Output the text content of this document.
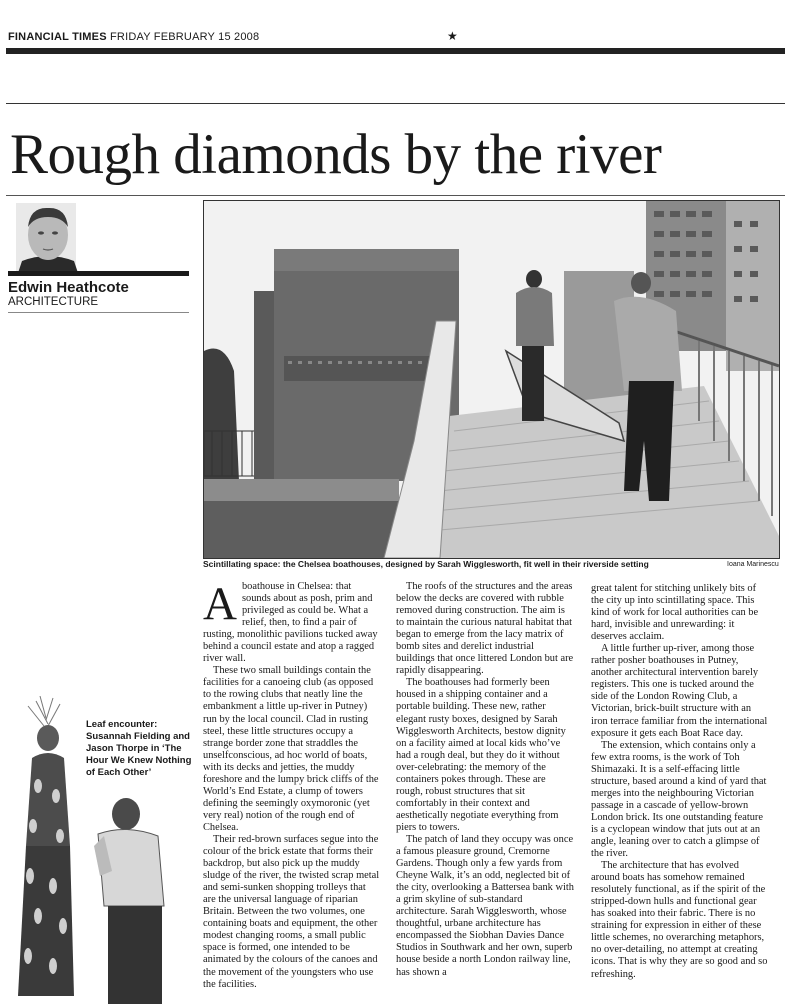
FINANCIAL TIMES FRIDAY FEBRUARY 15 2008	★
Rough diamonds by the river
Edwin Heathcote
ARCHITECTURE
Scintillating space: the Chelsea boathouses, designed by Sarah Wigglesworth, fit well in their riverside setting	Ioana Marinescu
Leaf encounter: Susannah Fielding and Jason Thorpe in ‘The Hour We Knew Nothing of Each Other’
A boathouse in Chelsea: that sounds about as posh, prim and privileged as could be. What a relief, then, to find a pair of rusting, monolithic pavilions tucked away behind a council estate and atop a ragged river wall.

These two small buildings contain the facilities for a canoeing club (as opposed to the rowing clubs that neatly line the embankment a little up-river in Putney) run by the local council. Clad in rusting steel, these little structures occupy a strange border zone that straddles the unselfconscious, ad hoc world of boats, with its decks and jetties, the muddy foreshore and the lumpy brick cliffs of the World’s End Estate, a clump of towers defining the seemingly oxymoronic (yet very real) notion of the rough end of Chelsea.

Their red-brown surfaces segue into the colour of the brick estate that forms their backdrop, but also pick up the muddy sludge of the river, the twisted scrap metal and semi-sunken shopping trolleys that are the universal language of riparian Britain. Between the two volumes, one containing boats and equipment, the other modest changing rooms, a small public space is formed, one intended to be animated by the colours of the canoes and the movement of the youngsters who use the facilities.

The roofs of the structures and the areas below the decks are covered with rubble removed during construction. The aim is to maintain the curious natural habitat that began to emerge from the lacy matrix of bomb sites and derelict industrial buildings that once littered London but are rapidly disappearing.

The boathouses had formerly been housed in a shipping container and a portable building. These new, rather elegant rusty boxes, designed by Sarah Wigglesworth Architects, bestow dignity on a facility aimed at local kids who’ve had a rough deal, but they do it without over-celebrating: the memory of the containers pokes through. These are rough, robust structures that sit comfortably in their context and aesthetically negotiate everything from piers to towers.

The patch of land they occupy was once a famous pleasure ground, Cremorne Gardens. Though only a few yards from Cheyne Walk, it’s an odd, neglected bit of the city, overlooking a Battersea bank with a grim skyline of sub-standard architecture. Sarah Wigglesworth, whose thoughtful, urbane architecture has encompassed the Siobhan Davies Dance Studios in Southwark and her own, superb house beside a north London railway line, has shown a

great talent for stitching unlikely bits of the city up into scintillating space. This kind of work for local authorities can be hard, invisible and unrewarding: it deserves acclaim.

A little further up-river, among those rather posher boathouses in Putney, another architectural intervention barely registers. This one is tucked around the side of the London Rowing Club, a Victorian, brick-built structure with an iron terrace familiar from the international exposure it gets each Boat Race day.

The extension, which contains only a few extra rooms, is the work of Toh Shimazaki. It is a self-effacing little structure, based around a kind of yard that merges into the neighbouring Victorian passage in a cascade of yellow-brown London brick. Its one outstanding feature is a cyclopean window that juts out at an angle, leaning over to catch a glimpse of the river.

The architecture that has evolved around boats has somehow remained resolutely functional, as if the spirit of the stripped-down hulls and functional gear has soaked into their fabric. There is no straining for expression in either of these little schemes, no overarching metaphors, no over-detailing, no attempt at creating icons. That is why they are so good and so refreshing.
